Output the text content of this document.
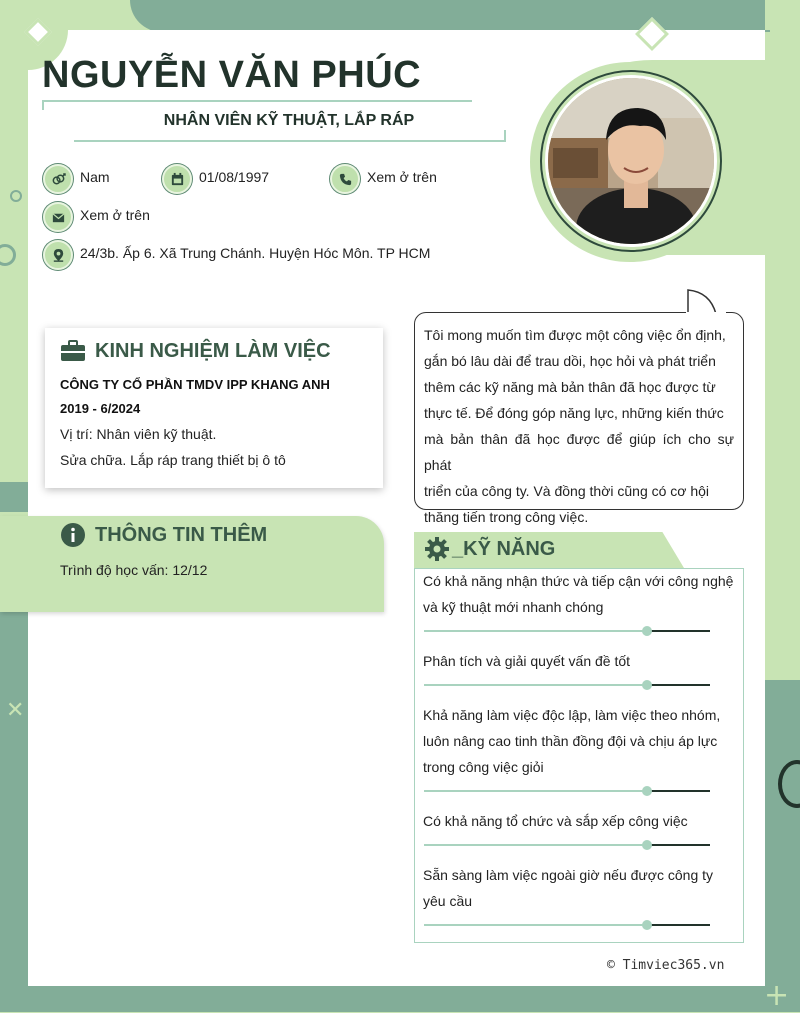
✕
+
NGUYỄN VĂN PHÚC
NHÂN VIÊN KỸ THUẬT, LẮP RÁP
Nam	01/08/1997	Xem ở trên
Xem ở trên
24/3b. Ấp 6. Xã Trung Chánh. Huyện Hóc Môn. TP HCM
KINH NGHIỆM LÀM VIỆC
CÔNG TY CỔ PHẦN TMDV IPP KHANG ANH
2019 - 6/2024
Vị trí: Nhân viên kỹ thuật.
Sửa chữa. Lắp ráp trang thiết bị ô tô
THÔNG TIN THÊM
Trình độ học vấn: 12/12
Tôi mong muốn tìm được một công việc ổn định,
gắn bó lâu dài để trau dồi, học hỏi và phát triển
thêm các kỹ năng mà bản thân đã học được từ
thực tế. Để đóng góp năng lực, những kiến thức
mà bản thân đã học được để giúp ích cho sự phát
triển của công ty. Và đồng thời cũng có cơ hội
thăng tiến trong công việc.
_KỸ NĂNG
Có khả năng nhận thức và tiếp cận với công nghệ và kỹ thuật mới nhanh chóng
Phân tích và giải quyết vấn đề tốt
Khả năng làm việc độc lập, làm việc theo nhóm, luôn nâng cao tinh thần đồng đội và chịu áp lực trong công việc giỏi
Có khả năng tổ chức và sắp xếp công việc
Sẵn sàng làm việc ngoài giờ nếu được công ty yêu cầu
© Timviec365.vn
